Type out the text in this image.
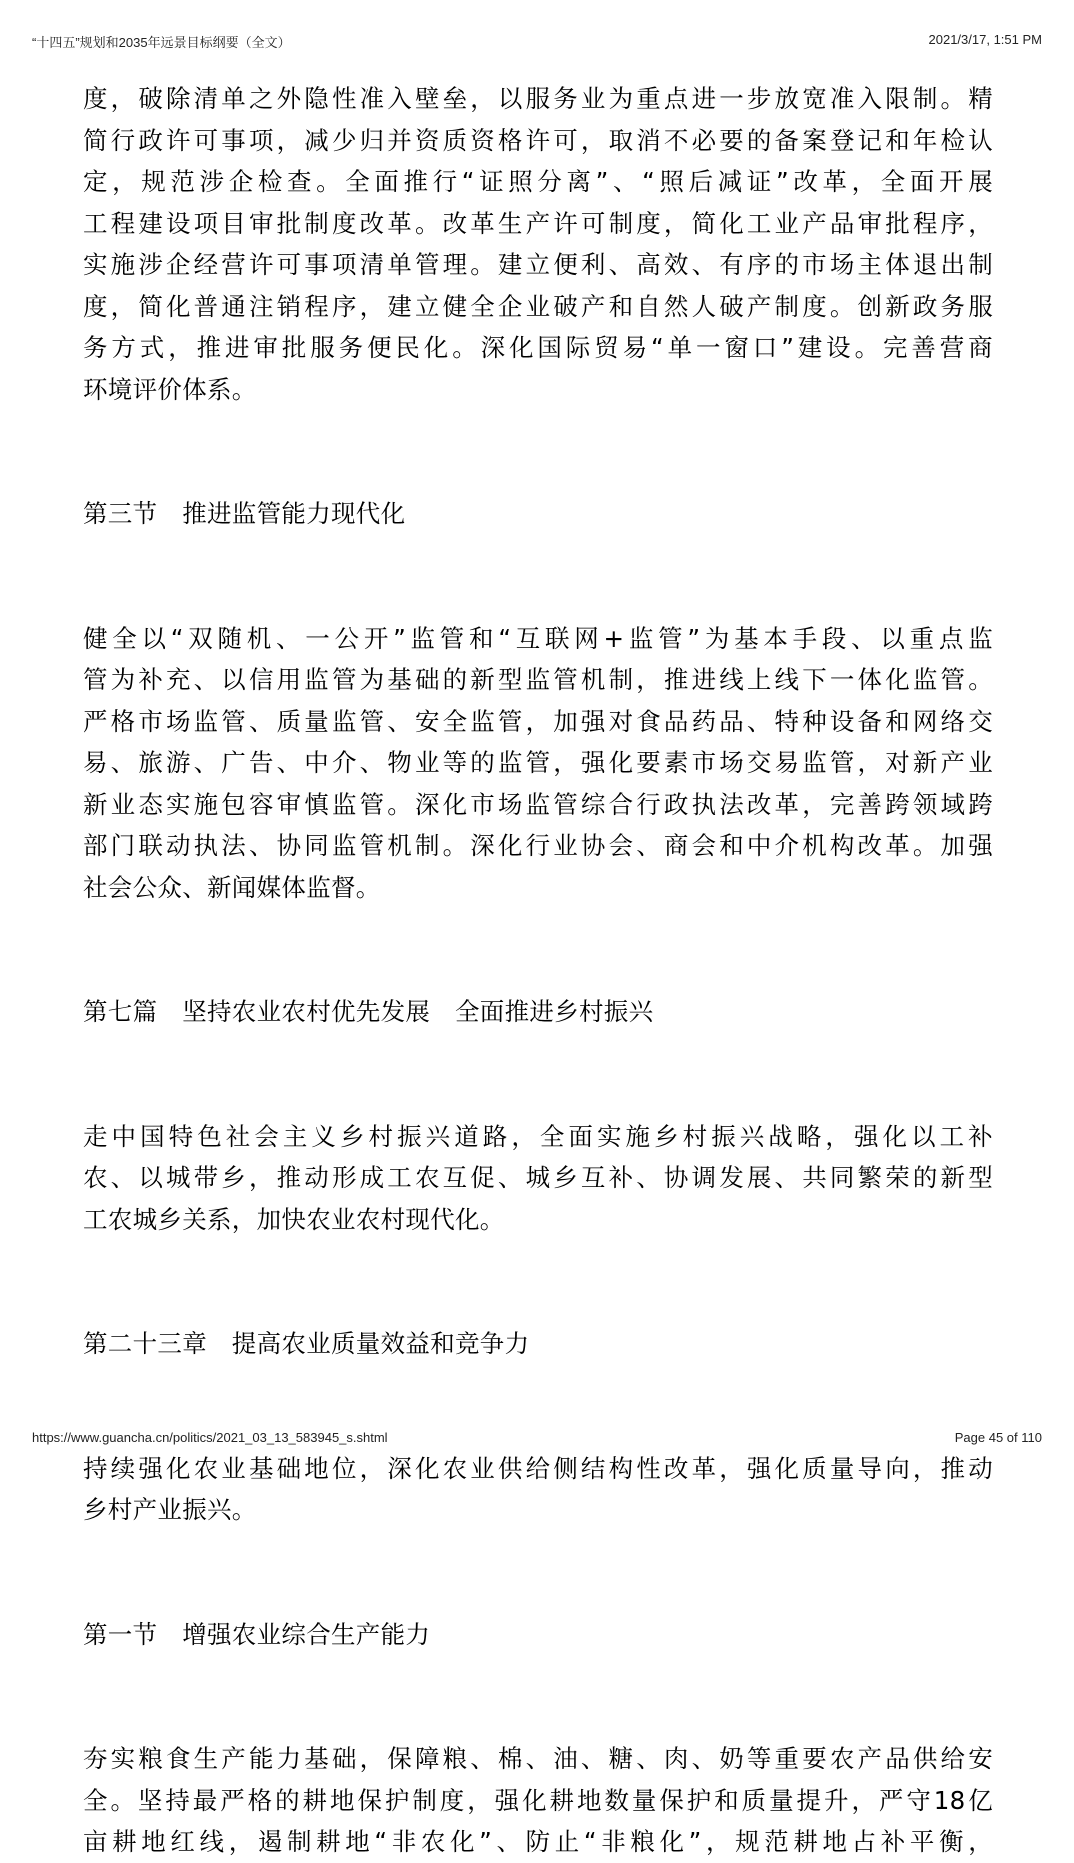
“十四五”规划和2035年远景目标纲要（全文）	2021/3/17, 1:51 PM

度，破除清单之外隐性准入壁垒，以服务业为重点进一步放宽准入限制。精
简行政许可事项，减少归并资质资格许可，取消不必要的备案登记和年检认
定，规范涉企检查。全面推行“证照分离”、“照后减证”改革，全面开展
工程建设项目审批制度改革。改革生产许可制度，简化工业产品审批程序，
实施涉企经营许可事项清单管理。建立便利、高效、有序的市场主体退出制
度，简化普通注销程序，建立健全企业破产和自然人破产制度。创新政务服
务方式，推进审批服务便民化。深化国际贸易“单一窗口”建设。完善营商
环境评价体系。

第三节　推进监管能力现代化

健全以“双随机、一公开”监管和“互联网+监管”为基本手段、以重点监
管为补充、以信用监管为基础的新型监管机制，推进线上线下一体化监管。
严格市场监管、质量监管、安全监管，加强对食品药品、特种设备和网络交
易、旅游、广告、中介、物业等的监管，强化要素市场交易监管，对新产业
新业态实施包容审慎监管。深化市场监管综合行政执法改革，完善跨领域跨
部门联动执法、协同监管机制。深化行业协会、商会和中介机构改革。加强
社会公众、新闻媒体监督。

第七篇　坚持农业农村优先发展　全面推进乡村振兴

走中国特色社会主义乡村振兴道路，全面实施乡村振兴战略，强化以工补
农、以城带乡，推动形成工农互促、城乡互补、协调发展、共同繁荣的新型
工农城乡关系，加快农业农村现代化。

第二十三章　提高农业质量效益和竞争力

持续强化农业基础地位，深化农业供给侧结构性改革，强化质量导向，推动
乡村产业振兴。

第一节　增强农业综合生产能力

夯实粮食生产能力基础，保障粮、棉、油、糖、肉、奶等重要农产品供给安
全。坚持最严格的耕地保护制度，强化耕地数量保护和质量提升，严守18亿
亩耕地红线，遏制耕地“非农化”、防止“非粮化”，规范耕地占补平衡，

https://www.guancha.cn/politics/2021_03_13_583945_s.shtml	Page 45 of 110
